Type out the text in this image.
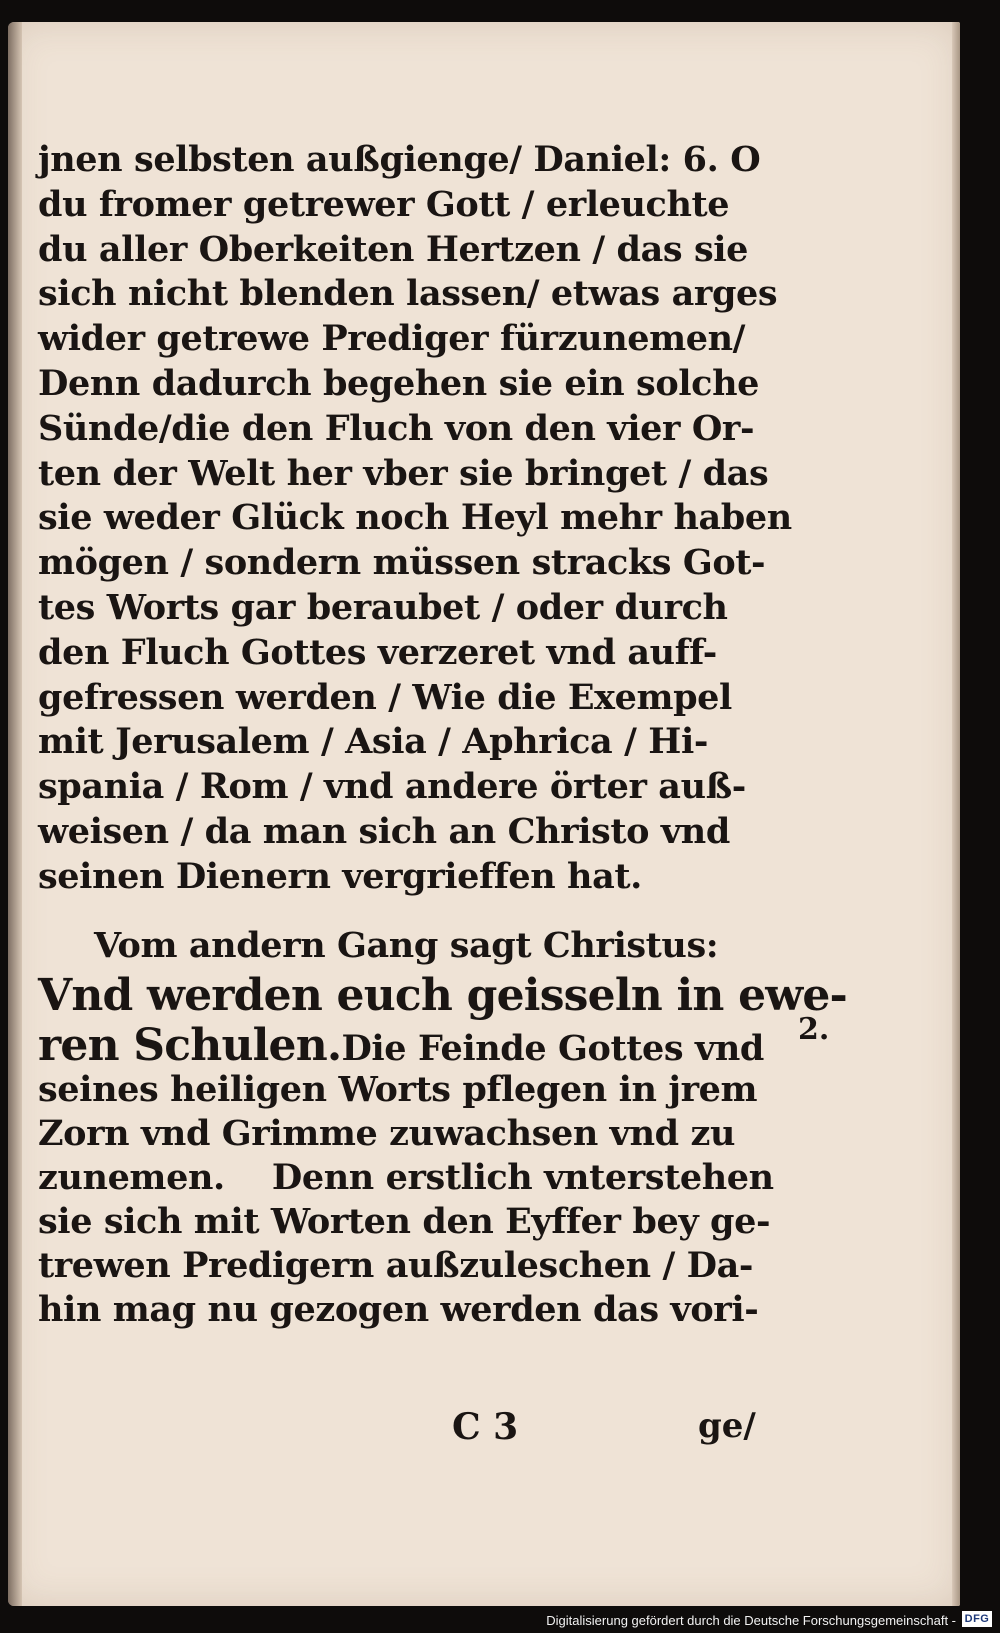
jnen selbsten außgienge/ Daniel: 6. O
du fromer getrewer Gott / erleuchte
du aller Oberkeiten Hertzen / das sie
sich nicht blenden lassen/ etwas arges
wider getrewe Prediger fürzunemen/
Denn dadurch begehen sie ein solche
Sünde/die den Fluch von den vier Or-
ten der Welt her vber sie bringet / das
sie weder Glück noch Heyl mehr haben
mögen / sondern müssen stracks Got-
tes Worts gar beraubet / oder durch
den Fluch Gottes verzeret vnd auff-
gefressen werden / Wie die Exempel
mit Jerusalem / Asia / Aphrica / Hi-
spania / Rom / vnd andere örter auß-
weisen / da man sich an Christo vnd
seinen Dienern vergrieffen hat.
Vom andern Gang sagt Christus:
Vnd werden euch geisseln in ewe-
ren Schulen.Die Feinde Gottes vnd
seines heiligen Worts pflegen in jrem
Zorn vnd Grimme zuwachsen vnd zu
zunemen.    Denn erstlich vnterstehen
sie sich mit Worten den Eyffer bey ge-
trewen Predigern außzuleschen / Da-
hin mag nu gezogen werden das vori-
2.
C 3	ge/
Digitalisierung gefördert durch die Deutsche Forschungsgemeinschaft - DFG
